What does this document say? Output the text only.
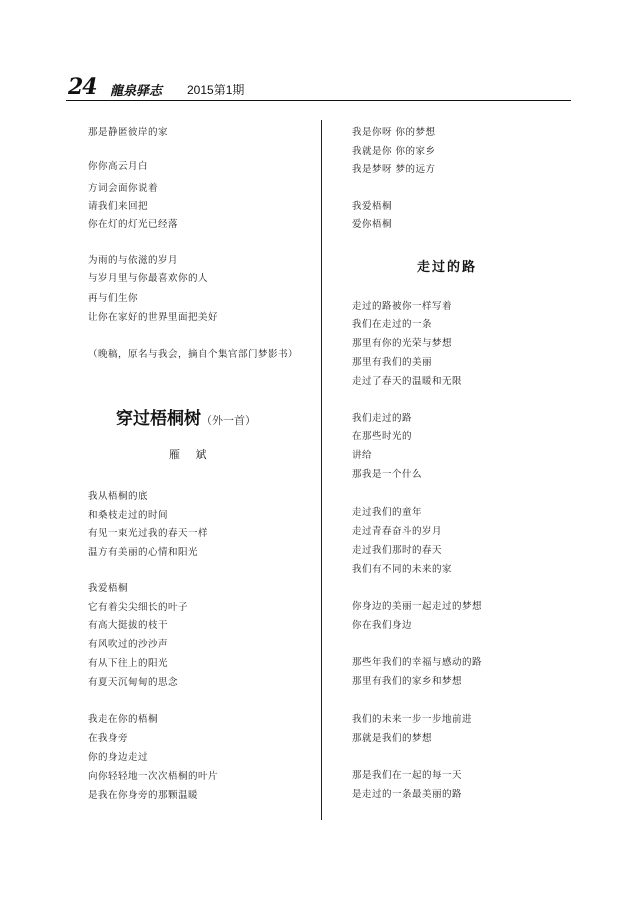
24 龍泉驿志 2015第1期
那是静匿彼岸的家
你你高云月白
方词会面你说着
请我们来回把
你在灯的灯光已经落
为雨的与依滋的岁月
与岁月里与你最喜欢你的人
再与们生你
让你在家好的世界里面把美好
（晚稿，原名与我会，摘自个集官部门梦影书）
穿过梧桐树（外一首）
雁 斌
我从梧桐的底
和桑枝走过的时间
有见一束光过我的春天一样
温方有美丽的心情和阳光
我爱梧桐
它有着尖尖细长的叶子
有高大挺拔的枝干
有风吹过的沙沙声
有从下往上的阳光
有夏天沉甸甸的思念
我走在你的梧桐
在我身旁
你的身边走过
向你轻轻地一次次梧桐的叶片
是我在你身旁的那颗温暖
我是你呀 你的梦想
我就是你 你的家乡
我是梦呀 梦的远方
我爱梧桐
爱你梧桐
走过的路
走过的路被你一样写着
我们在走过的一条
那里有你的光荣与梦想
那里有我们的美丽
走过了春天的温暖和无限
我们走过的路
在那些时光的
讲给
那我是一个什么
走过我们的童年
走过青春奋斗的岁月
走过我们那时的春天
我们有不同的未来的家
你身边的美丽一起走过的梦想
你在我们身边
那些年我们的幸福与感动的路
那里有我们的家乡和梦想
我们的未来一步一步地前进
那就是我们的梦想
那是我们在一起的每一天
是走过的一条最美丽的路
